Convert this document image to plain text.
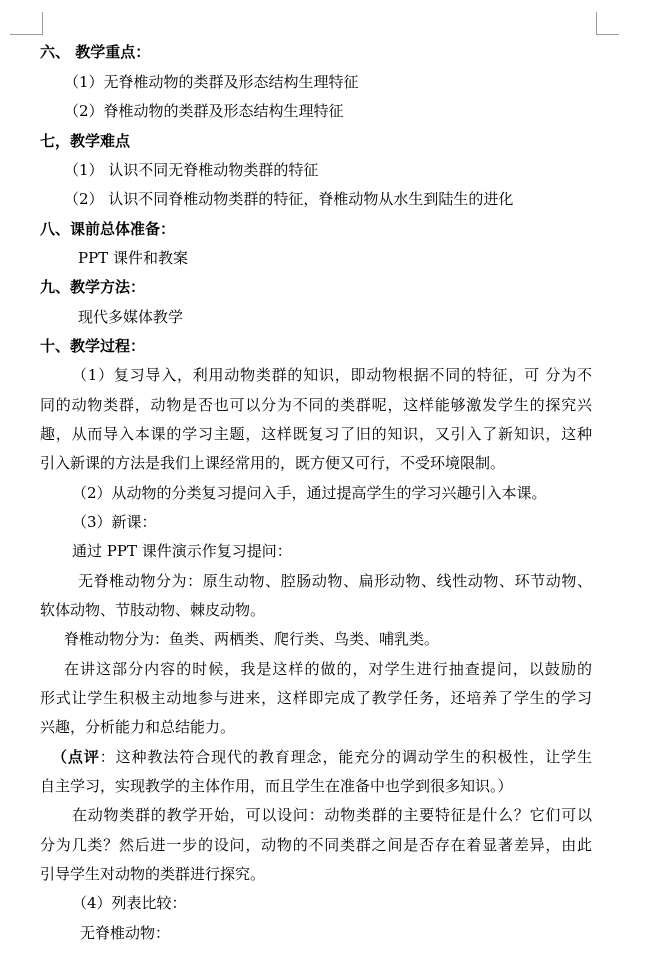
六、 教学重点：
（1）无脊椎动物的类群及形态结构生理特征
（2）脊椎动物的类群及形态结构生理特征
七，教学难点
（1） 认识不同无脊椎动物类群的特征
（2） 认识不同脊椎动物类群的特征，脊椎动物从水生到陆生的进化
八、课前总体准备：
PPT 课件和教案
九、教学方法：
现代多媒体教学
十、教学过程：
（1）复习导入，利用动物类群的知识，即动物根据不同的特征，可 分为不
同的动物类群，动物是否也可以分为不同的类群呢，这样能够激发学生的探究兴
趣，从而导入本课的学习主题，这样既复习了旧的知识，又引入了新知识，这种
引入新课的方法是我们上课经常用的，既方便又可行，不受环境限制。
（2）从动物的分类复习提问入手，通过提高学生的学习兴趣引入本课。
（3）新课：
通过 PPT 课件演示作复习提问：
无脊椎动物分为：原生动物、腔肠动物、扁形动物、线性动物、环节动物、
软体动物、节肢动物、棘皮动物。
脊椎动物分为：鱼类、两栖类、爬行类、鸟类、哺乳类。
在讲这部分内容的时候，我是这样的做的，对学生进行抽查提问，以鼓励的
形式让学生积极主动地参与进来，这样即完成了教学任务，还培养了学生的学习
兴趣，分析能力和总结能力。
（点评：这种教法符合现代的教育理念，能充分的调动学生的积极性，让学生
自主学习，实现教学的主体作用，而且学生在准备中也学到很多知识。）
在动物类群的教学开始，可以设问：动物类群的主要特征是什么？它们可以
分为几类？然后进一步的设问，动物的不同类群之间是否存在着显著差异，由此
引导学生对动物的类群进行探究。
（4）列表比较：
无脊椎动物：
